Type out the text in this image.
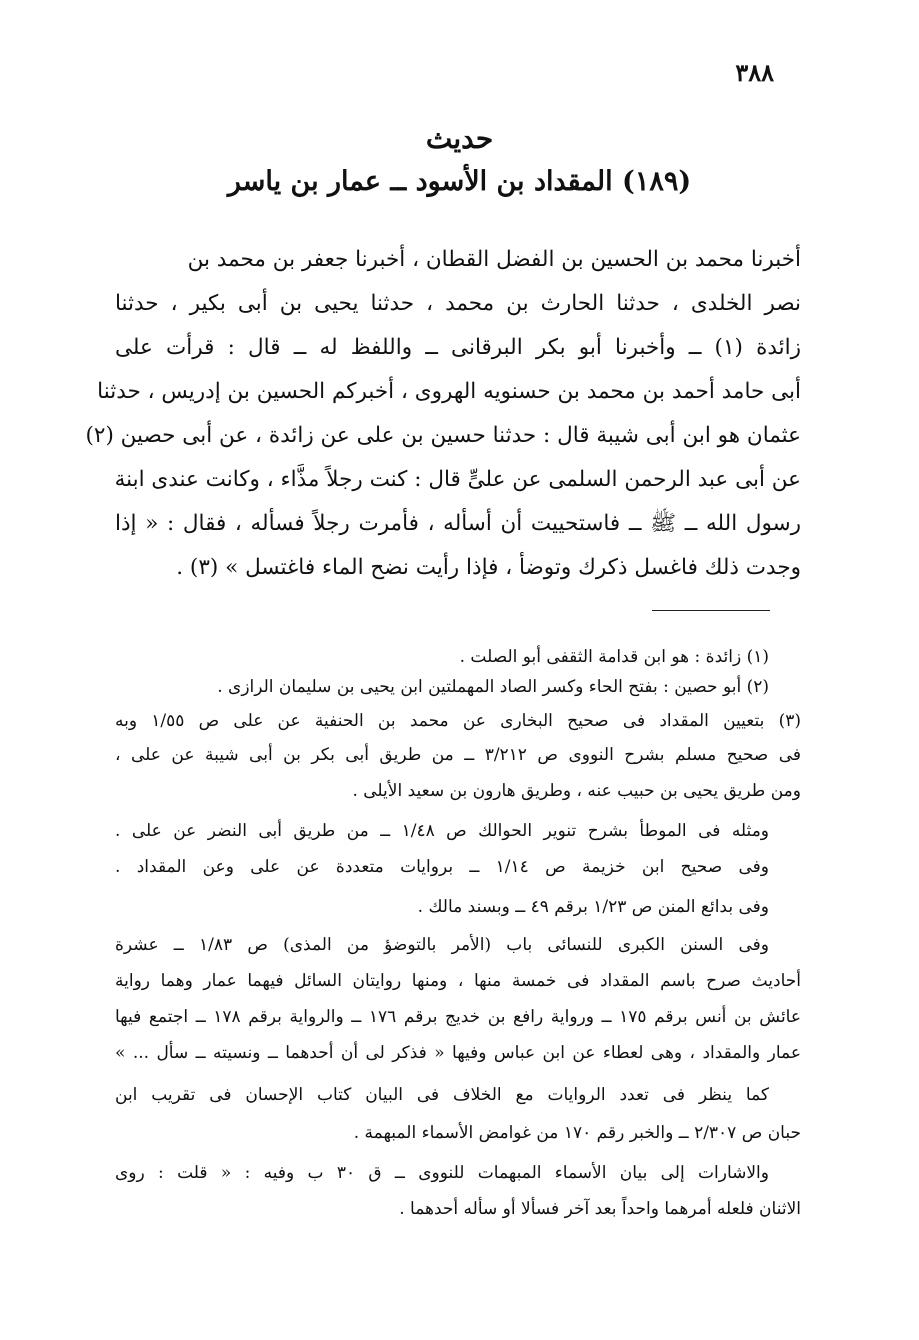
٣٨٨
حديث
(١٨٩) المقداد بن الأسود ــ عمار بن ياسر
أخبرنا محمد بن الحسين بن الفضل القطان ، أخبرنا جعفر بن محمد بن
نصر الخلدى ، حدثنا الحارث بن محمد ، حدثنا يحيى بن أبى بكير ، حدثنا
زائدة (١) ــ وأخبرنا أبو بكر البرقانى ــ واللفظ له ــ قال : قرأت على
أبى حامد أحمد بن محمد بن حسنويه الهروى ، أخبركم الحسين بن إدريس ، حدثنا
عثمان هو ابن أبى شيبة قال : حدثنا حسين بن على عن زائدة ، عن أبى حصين (٢)
عن أبى عبد الرحمن السلمى عن علىٍّ قال : كنت رجلاً مذَّاء ، وكانت عندى ابنة
رسول الله ــ ﷺ ــ فاستحييت أن أسأله ، فأمرت رجلاً فسأله ، فقال : « إذا
وجدت ذلك فاغسل ذكرك وتوضأ ، فإذا رأيت نضح الماء فاغتسل » (٣) .
(١) زائدة : هو ابن قدامة الثقفى أبو الصلت .
(٢) أبو حصين : بفتح الحاء وكسر الصاد المهملتين ابن يحيى بن سليمان الرازى .
(٣) بتعيين المقداد فى صحيح البخارى عن محمد بن الحنفية عن على ص ١/٥٥ وبه
فى صحيح مسلم بشرح النووى ص ٣/٢١٢ ــ من طريق أبى بكر بن أبى شيبة عن على ،
ومن طريق يحيى بن حبيب عنه ، وطريق هارون بن سعيد الأيلى .
ومثله فى الموطأ بشرح تنوير الحوالك ص ١/٤٨ ــ من طريق أبى النضر عن على .
وفى صحيح ابن خزيمة ص ١/١٤ ــ بروايات متعددة عن على وعن المقداد .
وفى بدائع المنن ص ١/٢٣ برقم ٤٩ ــ وبسند مالك .
وفى السنن الكبرى للنسائى باب (الأمر بالتوضؤ من المذى) ص ١/٨٣ ــ عشرة
أحاديث صرح باسم المقداد فى خمسة منها ، ومنها روايتان السائل فيهما عمار وهما رواية
عائش بن أنس برقم ١٧٥ ــ ورواية رافع بن خديج برقم ١٧٦ ــ والرواية برقم ١٧٨ ــ اجتمع فيها
عمار والمقداد ، وهى لعطاء عن ابن عباس وفيها « فذكر لى أن أحدهما ــ ونسيته ــ سأل ... »
كما ينظر فى تعدد الروايات مع الخلاف فى البيان كتاب الإحسان فى تقريب ابن
حبان ص ٢/٣٠٧ ــ والخبر رقم ١٧٠ من غوامض الأسماء المبهمة .
والاشارات إلى بيان الأسماء المبهمات للنووى ــ ق ٣٠ ب وفيه : « قلت : روى
الاثنان فلعله أمرهما واحداً بعد آخر فسألا أو سأله أحدهما .
